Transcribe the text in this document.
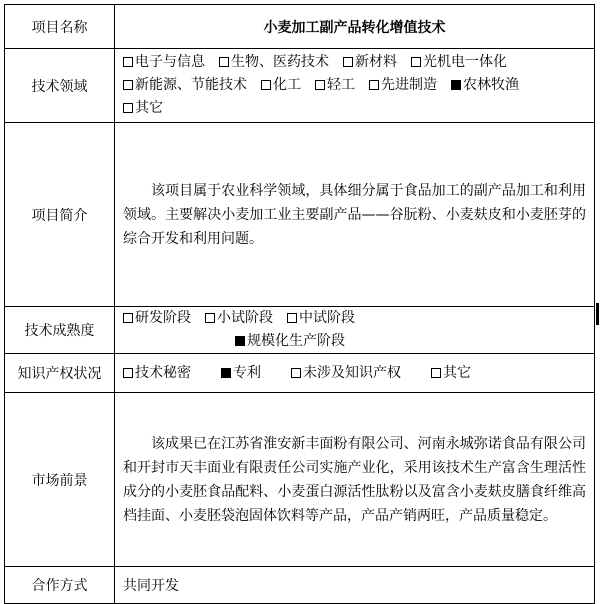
项目名称	小麦加工副产品转化增值技术
技术领域	电子与信息 生物、医药技术 新材料 光机电一体化
新能源、节能技术 化工 轻工 先进制造 农林牧渔
其它

项目简介	该项目属于农业科学领域，具体细分属于食品加工的副产品加工和利用领域。主要解决小麦加工业主要副产品——谷朊粉、小麦麸皮和小麦胚芽的综合开发和利用问题。

技术成熟度	研发阶段 小试阶段 中试阶段规模化生产阶段

知识产权状况	技术秘密 专利 未涉及知识产权 其它

市场前景	该成果已在江苏省淮安新丰面粉有限公司、河南永城弥诺食品有限公司和开封市天丰面业有限责任公司实施产业化，采用该技术生产富含生理活性成分的小麦胚食品配料、小麦蛋白源活性肽粉以及富含小麦麸皮膳食纤维高档挂面、小麦胚袋泡固体饮料等产品，产品产销两旺，产品质量稳定。

合作方式	共同开发
